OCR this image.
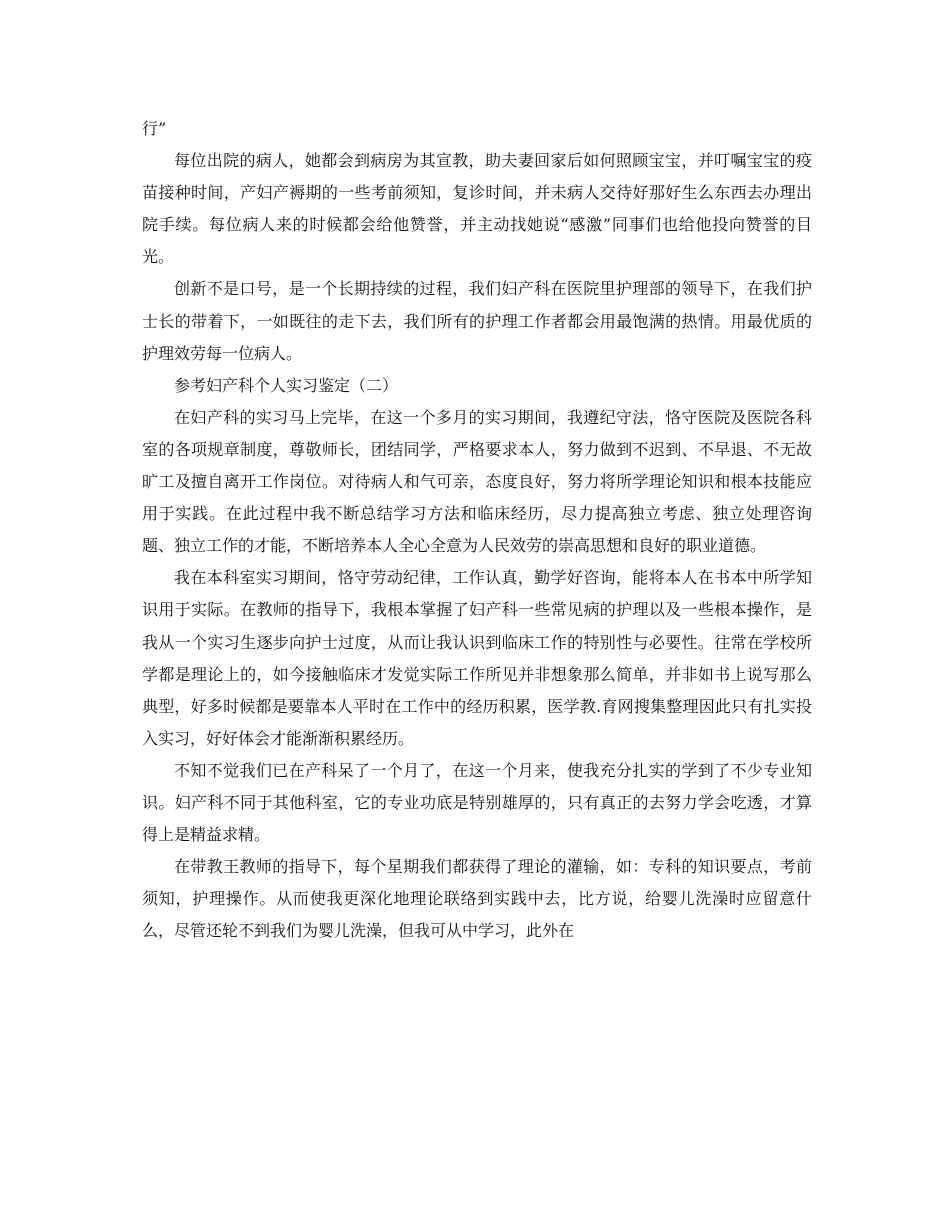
行”

每位出院的病人，她都会到病房为其宣教，助夫妻回家后如何照顾宝宝，并叮嘱宝宝的疫苗接种时间，产妇产褥期的一些考前须知，复诊时间，并未病人交待好那好生么东西去办理出院手续。每位病人来的时候都会给他赞誉，并主动找她说“感激”同事们也给他投向赞誉的目光。

创新不是口号，是一个长期持续的过程，我们妇产科在医院里护理部的领导下，在我们护士长的带着下，一如既往的走下去，我们所有的护理工作者都会用最饱满的热情。用最优质的护理效劳每一位病人。

参考妇产科个人实习鉴定（二）

在妇产科的实习马上完毕，在这一个多月的实习期间，我遵纪守法，恪守医院及医院各科室的各项规章制度，尊敬师长，团结同学，严格要求本人，努力做到不迟到、不早退、不无故旷工及擅自离开工作岗位。对待病人和气可亲，态度良好，努力将所学理论知识和根本技能应用于实践。在此过程中我不断总结学习方法和临床经历，尽力提高独立考虑、独立处理咨询题、独立工作的才能，不断培养本人全心全意为人民效劳的崇高思想和良好的职业道德。

我在本科室实习期间，恪守劳动纪律，工作认真，勤学好咨询，能将本人在书本中所学知识用于实际。在教师的指导下，我根本掌握了妇产科一些常见病的护理以及一些根本操作，是我从一个实习生逐步向护士过度，从而让我认识到临床工作的特别性与必要性。往常在学校所学都是理论上的，如今接触临床才发觉实际工作所见并非想象那么简单，并非如书上说写那么典型，好多时候都是要靠本人平时在工作中的经历积累，医学教.育网搜集整理因此只有扎实投入实习，好好体会才能渐渐积累经历。

不知不觉我们已在产科呆了一个月了，在这一个月来，使我充分扎实的学到了不少专业知识。妇产科不同于其他科室，它的专业功底是特别雄厚的，只有真正的去努力学会吃透，才算得上是精益求精。

在带教王教师的指导下，每个星期我们都获得了理论的灌输，如：专科的知识要点，考前须知，护理操作。从而使我更深化地理论联络到实践中去，比方说，给婴儿洗澡时应留意什么，尽管还轮不到我们为婴儿洗澡，但我可从中学习，此外在
